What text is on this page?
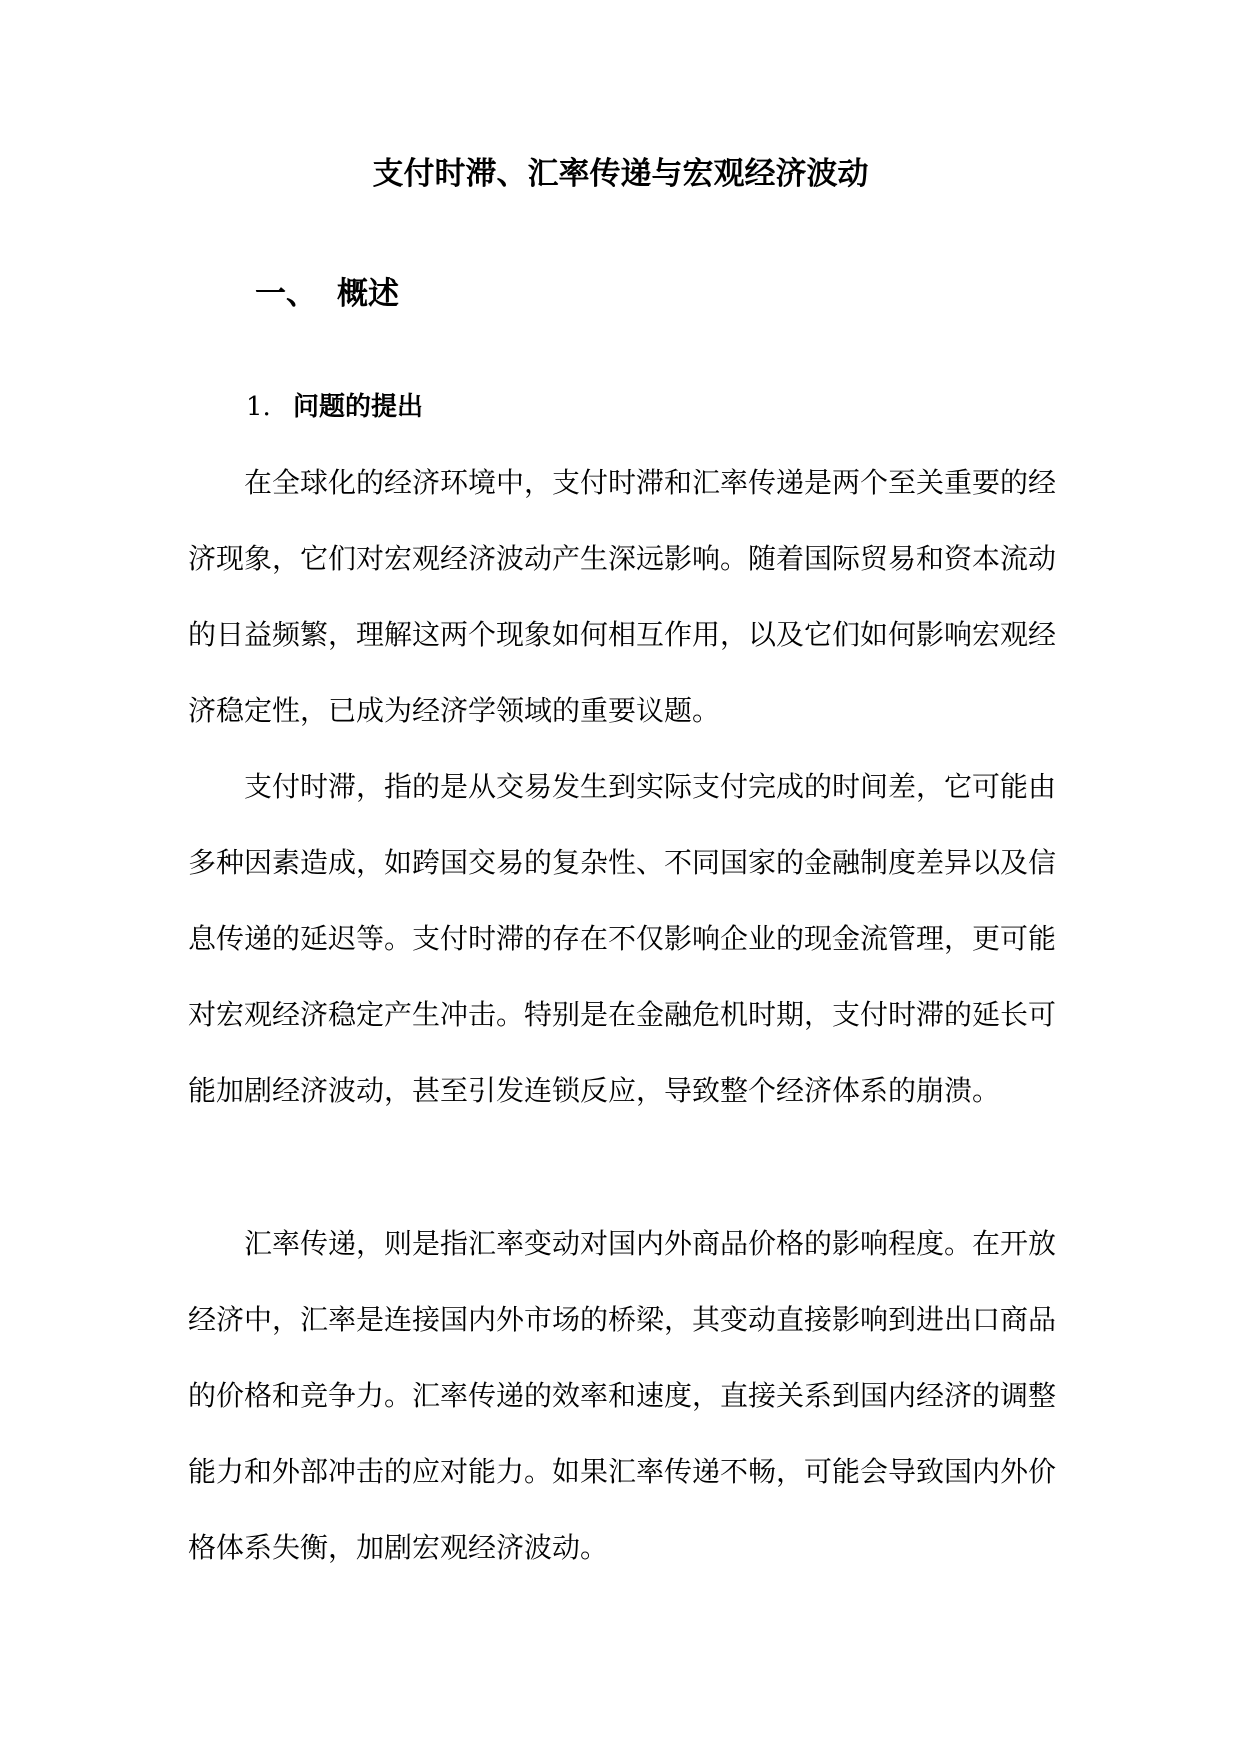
支付时滞、汇率传递与宏观经济波动
一、 概述
1. 问题的提出

在全球化的经济环境中，支付时滞和汇率传递是两个至关重要的经济现象，它们对宏观经济波动产生深远影响。随着国际贸易和资本流动的日益频繁，理解这两个现象如何相互作用，以及它们如何影响宏观经济稳定性，已成为经济学领域的重要议题。

支付时滞，指的是从交易发生到实际支付完成的时间差，它可能由多种因素造成，如跨国交易的复杂性、不同国家的金融制度差异以及信息传递的延迟等。支付时滞的存在不仅影响企业的现金流管理，更可能对宏观经济稳定产生冲击。特别是在金融危机时期，支付时滞的延长可能加剧经济波动，甚至引发连锁反应，导致整个经济体系的崩溃。

汇率传递，则是指汇率变动对国内外商品价格的影响程度。在开放经济中，汇率是连接国内外市场的桥梁，其变动直接影响到进出口商品的价格和竞争力。汇率传递的效率和速度，直接关系到国内经济的调整能力和外部冲击的应对能力。如果汇率传递不畅，可能会导致国内外价格体系失衡，加剧宏观经济波动。
